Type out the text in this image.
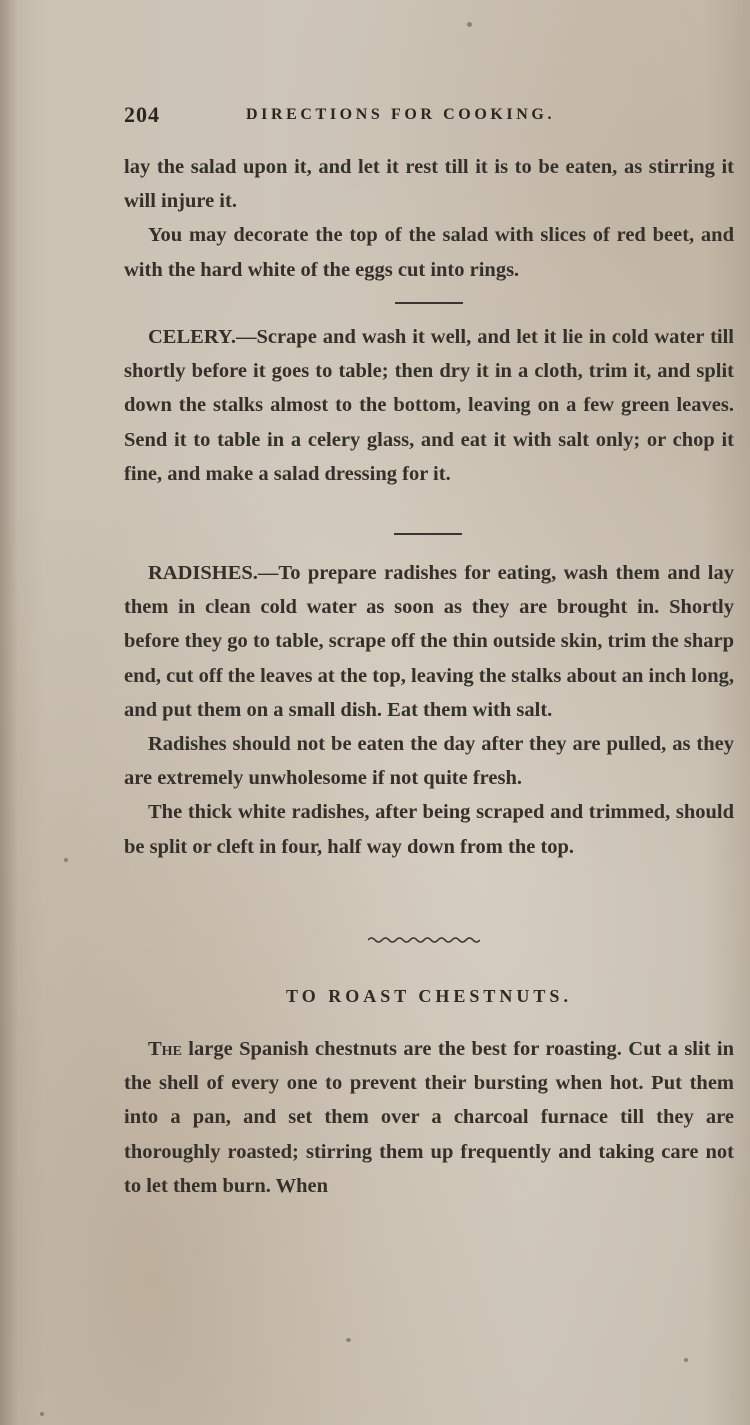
204	DIRECTIONS FOR COOKING.

lay the salad upon it, and let it rest till it is to be eaten, as stirring it will injure it.

You may decorate the top of the salad with slices of red beet, and with the hard white of the eggs cut into rings.

CELERY.—Scrape and wash it well, and let it lie in cold water till shortly before it goes to table; then dry it in a cloth, trim it, and split down the stalks almost to the bottom, leaving on a few green leaves. Send it to table in a celery glass, and eat it with salt only; or chop it fine, and make a salad dressing for it.

RADISHES.—To prepare radishes for eating, wash them and lay them in clean cold water as soon as they are brought in. Shortly before they go to table, scrape off the thin outside skin, trim the sharp end, cut off the leaves at the top, leaving the stalks about an inch long, and put them on a small dish. Eat them with salt.

Radishes should not be eaten the day after they are pulled, as they are extremely unwholesome if not quite fresh.

The thick white radishes, after being scraped and trimmed, should be split or cleft in four, half way down from the top.

TO ROAST CHESTNUTS.

The large Spanish chestnuts are the best for roasting. Cut a slit in the shell of every one to prevent their bursting when hot. Put them into a pan, and set them over a charcoal furnace till they are thoroughly roasted; stirring them up frequently and taking care not to let them burn. When
